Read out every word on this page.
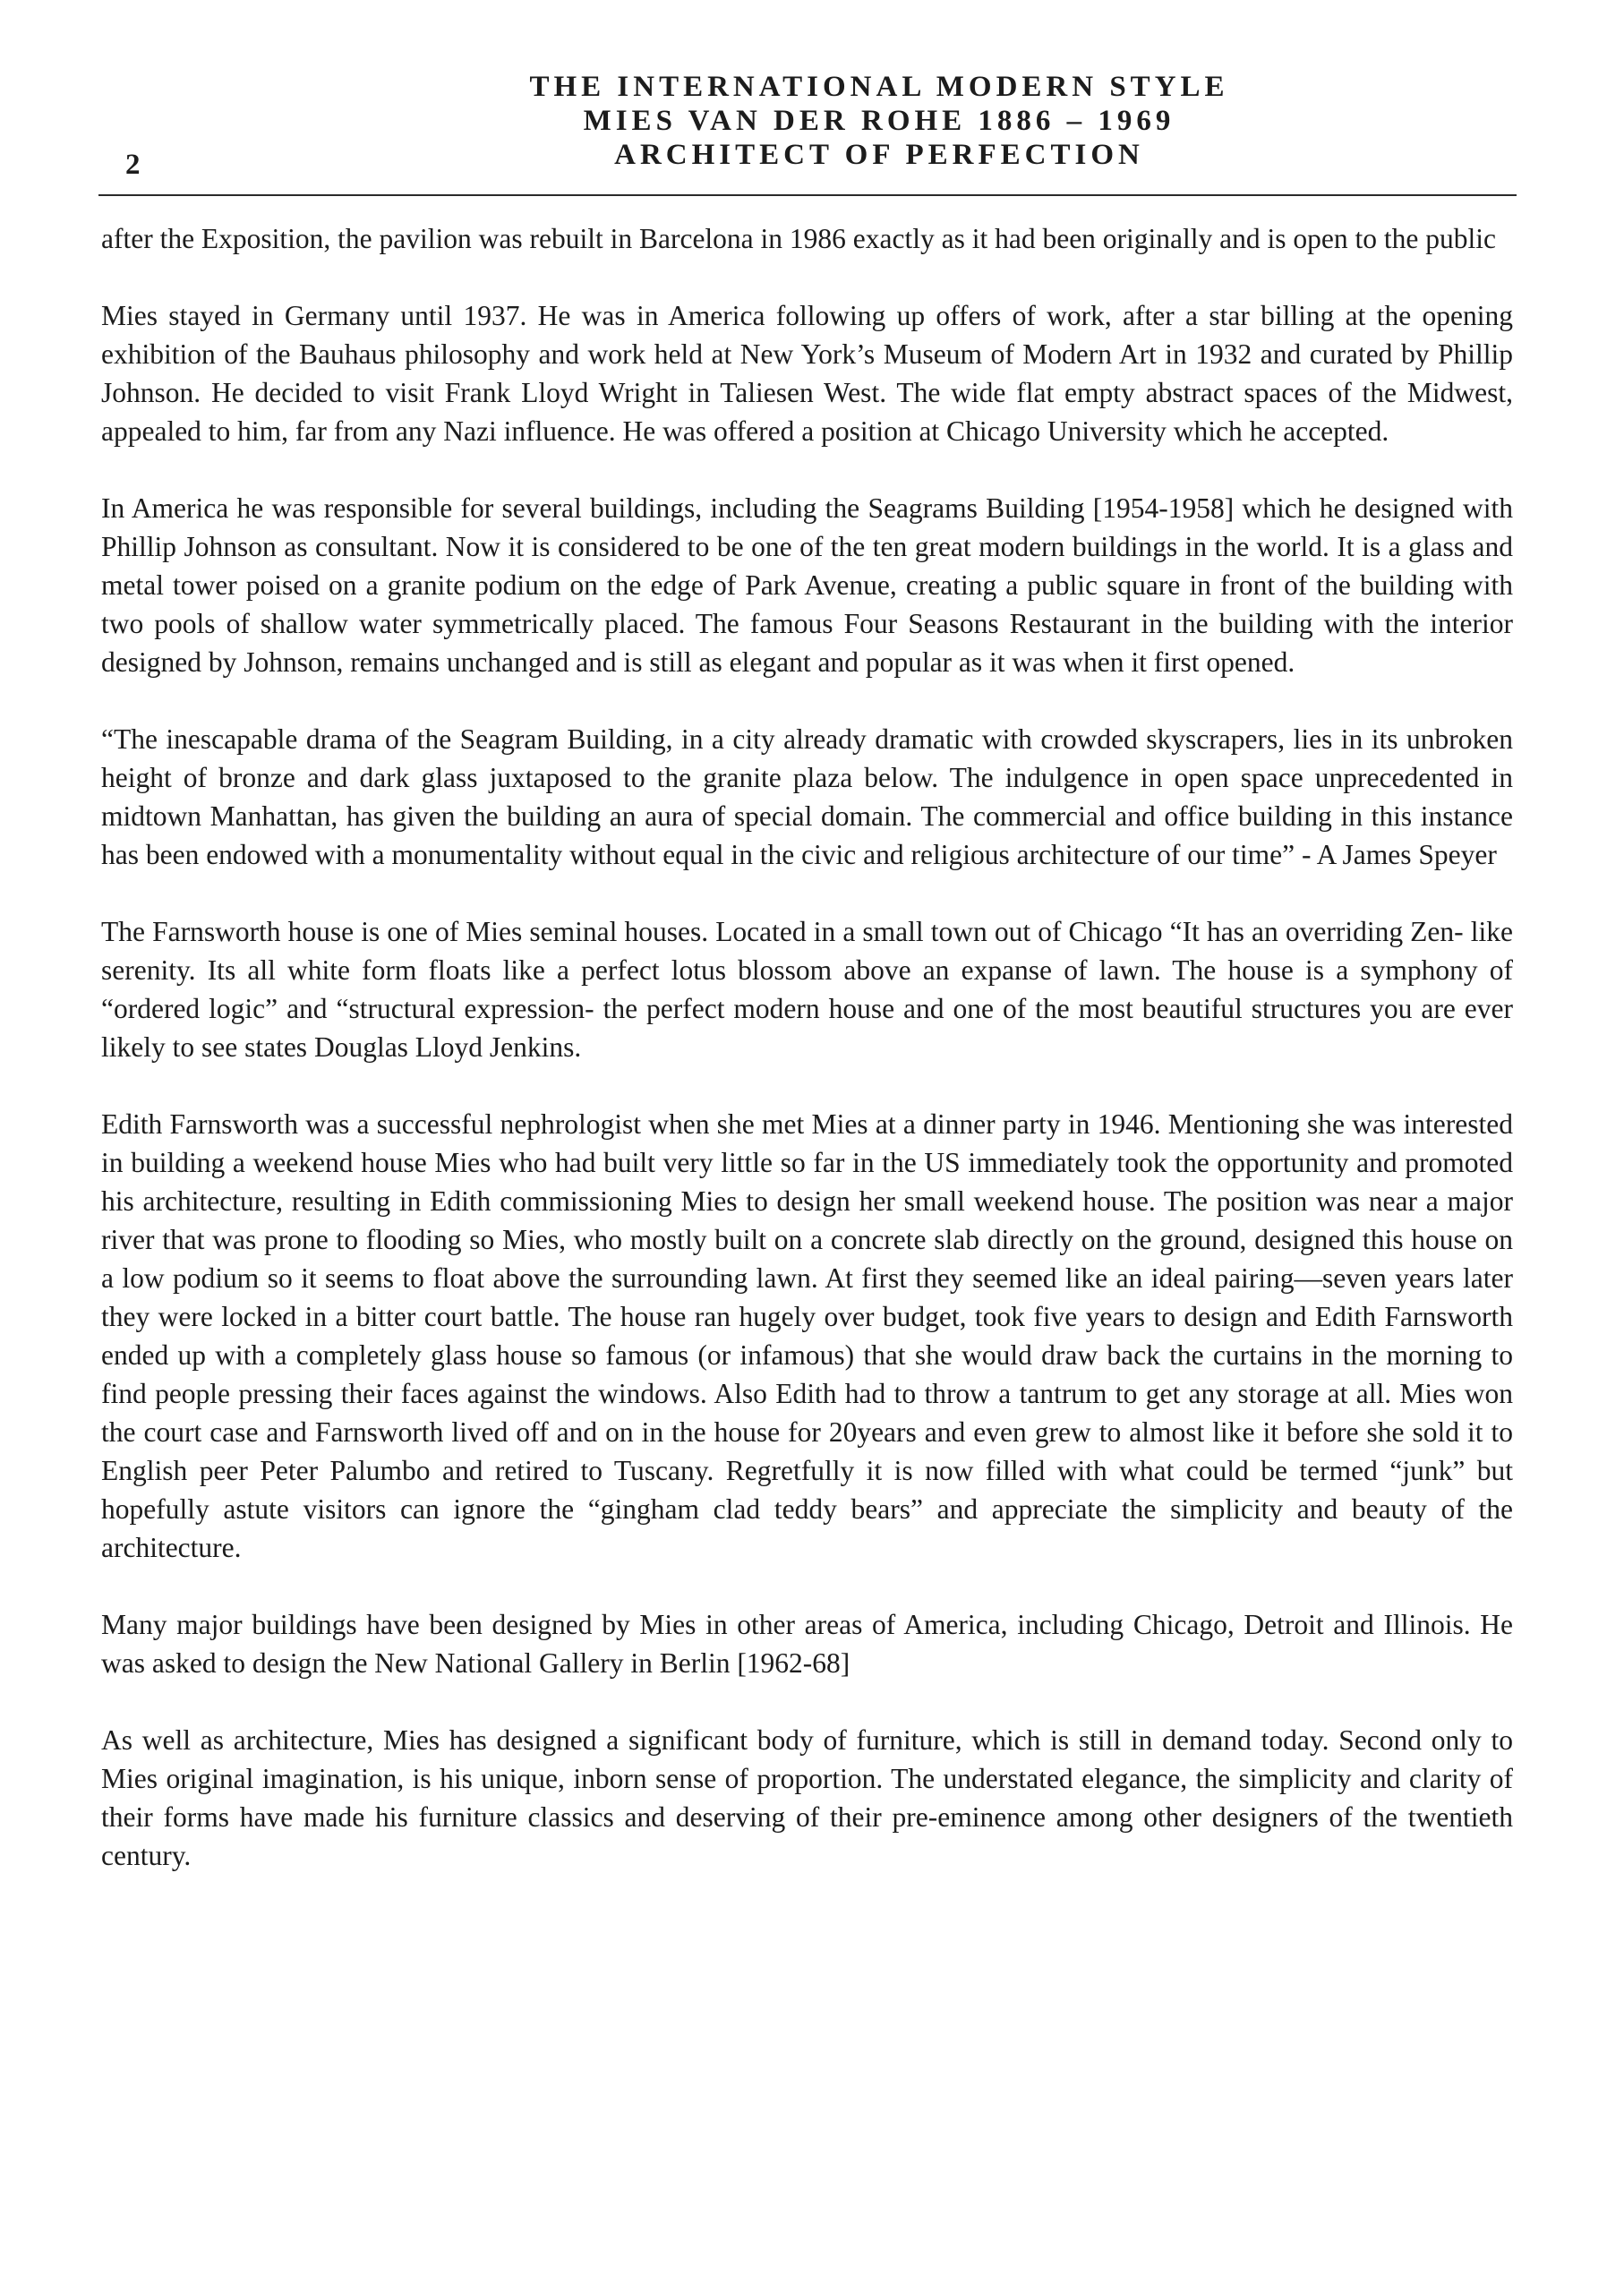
THE INTERNATIONAL MODERN STYLE
MIES VAN DER ROHE 1886 – 1969
ARCHITECT OF PERFECTION
2

after the Exposition, the pavilion was rebuilt in Barcelona in 1986 exactly as it had been originally and is open to the public

Mies stayed in Germany until 1937. He was in America following up offers of work, after a star billing at the opening exhibition of the Bauhaus philosophy and work held at New York’s Museum of Modern Art in 1932 and curated by Phillip Johnson. He decided to visit Frank Lloyd Wright in Taliesen West. The wide flat empty abstract spaces of the Midwest, appealed to him, far from any Nazi influence. He was offered a position at Chicago University which he accepted.

In America he was responsible for several buildings, including the Seagrams Building [1954-1958] which he designed with Phillip Johnson as consultant. Now it is considered to be one of the ten great modern buildings in the world. It is a glass and metal tower poised on a granite podium on the edge of Park Avenue, creating a public square in front of the building with two pools of shallow water symmetrically placed. The famous Four Seasons Restaurant in the building with the interior designed by Johnson, remains unchanged and is still as elegant and popular as it was when it first opened.

“The inescapable drama of the Seagram Building, in a city already dramatic with crowded skyscrapers, lies in its unbroken height of bronze and dark glass juxtaposed to the granite plaza below. The indulgence in open space unprecedented in midtown Manhattan, has given the building an aura of special domain. The commercial and office building in this instance has been endowed with a monumentality without equal in the civic and religious architecture of our time” - A James Speyer

The Farnsworth house is one of Mies seminal houses. Located in a small town out of Chicago “It has an overriding Zen- like serenity. Its all white form floats like a perfect lotus blossom above an expanse of lawn. The house is a symphony of “ordered logic” and “structural expression- the perfect modern house and one of the most beautiful structures you are ever likely to see states Douglas Lloyd Jenkins.

Edith Farnsworth was a successful nephrologist when she met Mies at a dinner party in 1946. Mentioning she was interested in building a weekend house Mies who had built very little so far in the US immediately took the opportunity and promoted his architecture, resulting in Edith commissioning Mies to design her small weekend house. The position was near a major river that was prone to flooding so Mies, who mostly built on a concrete slab directly on the ground, designed this house on a low podium so it seems to float above the surrounding lawn. At first they seemed like an ideal pairing—seven years later they were locked in a bitter court battle. The house ran hugely over budget, took five years to design and Edith Farnsworth ended up with a completely glass house so famous (or infamous) that she would draw back the curtains in the morning to find people pressing their faces against the windows. Also Edith had to throw a tantrum to get any storage at all. Mies won the court case and Farnsworth lived off and on in the house for 20years and even grew to almost like it before she sold it to English peer Peter Palumbo and retired to Tuscany. Regretfully it is now filled with what could be termed “junk” but hopefully astute visitors can ignore the “gingham clad teddy bears” and appreciate the simplicity and beauty of the architecture.

Many major buildings have been designed by Mies in other areas of America, including Chicago, Detroit and Illinois. He was asked to design the New National Gallery in Berlin [1962-68]

As well as architecture, Mies has designed a significant body of furniture, which is still in demand today. Second only to Mies original imagination, is his unique, inborn sense of proportion. The understated elegance, the simplicity and clarity of their forms have made his furniture classics and deserving of their pre-eminence among other designers of the twentieth century.
